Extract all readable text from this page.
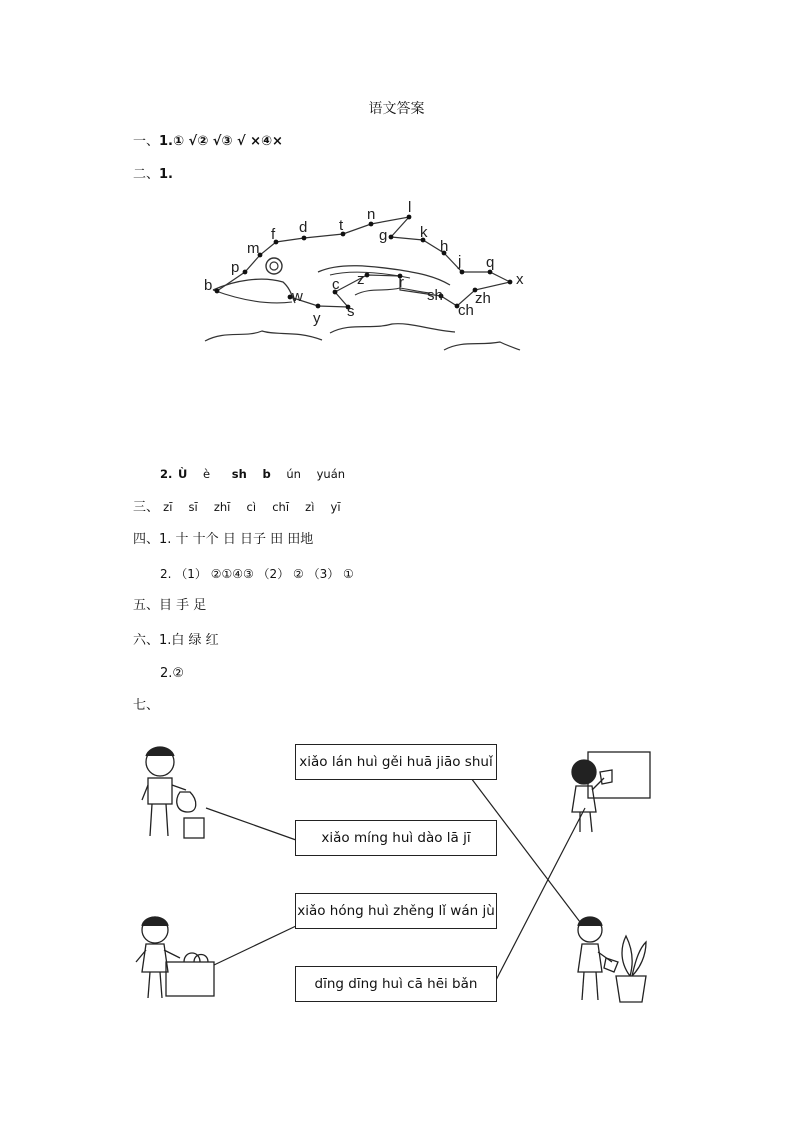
语文答案
一、1.① √② √③ √ ×④×
二、1.
b
p
m
f d t
n l
g k
h
j q
x
zh
ch
sh
r
z
c
s
y
w
2. Ù è sh b ún yuán
三、 zī sī zhī cì chī zì yī
四、1. 十 十个 日 日子 田 田地
2. （1） ②①④③ （2） ② （3） ①
五、目 手 足
六、1.白 绿 红
2.②
七、
xiǎo lán huì gěi huā jiāo shuǐ
xiǎo míng huì dào lā jī
xiǎo hóng huì zhěng lǐ wán jù
dīng dīng huì cā hēi bǎn
